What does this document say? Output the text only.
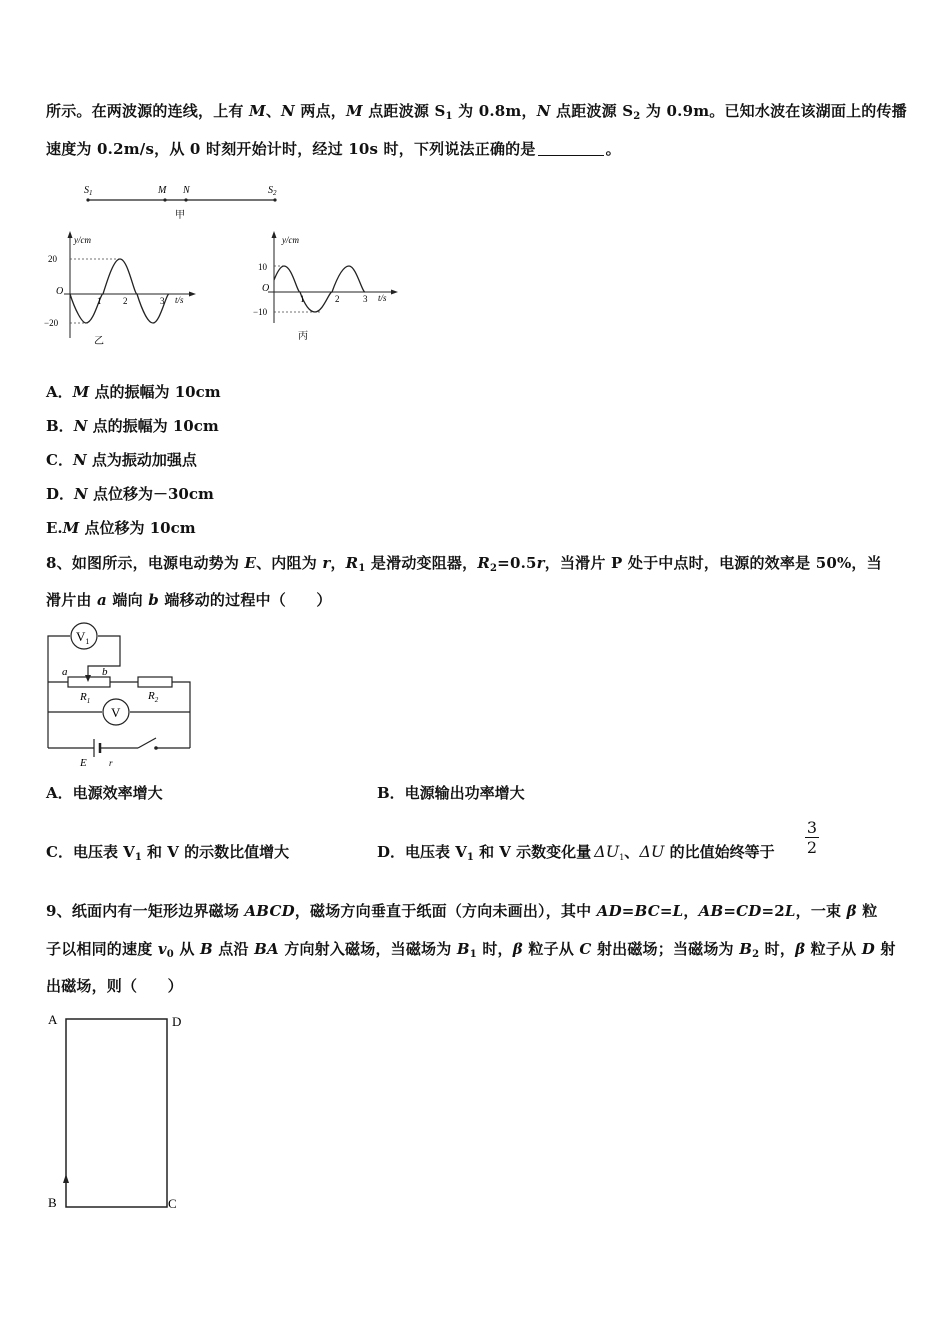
所示。在两波源的连线，上有 M、N 两点，M 点距波源 $S_1$ 为 0.8m，N 点距波源 $S_2$ 为 0.9m。已知水波在该湖面上的传播
速度为 0.2m/s，从 0 时刻开始计时，经过 10s 时，下列说法正确的是	。
$S_1$	M N	$S_2$
甲
y/cm
20
−20
O
1 2	3 t/s
乙
y/cm
10
−10
O
1	2	3 t/s
丙
A．M 点的振幅为 10cm
B．N 点的振幅为 10cm
C．N 点为振动加强点
D．N 点位移为－30cm
E.M 点位移为 10cm
8、如图所示，电源电动势为 E、内阻为 r，$R_1$ 是滑动变阻器，$R_2=0.5r$，当滑片 P 处于中点时，电源的效率是 50%，当
滑片由 a 端向 b 端移动的过程中（　　）
$V_1$
a	b
$R_1$	$R_2$
V
E r
A．电源效率增大	B．电源输出功率增大
C．电压表 $V_1$ 和 V 的示数比值增大	D．电压表 $V_1$ 和 V 示数变化量 $\Delta U_1$、ΔU 的比值始终等于
3
2
9、纸面内有一矩形边界磁场 ABCD，磁场方向垂直于纸面（方向未画出），其中 AD=BC=L，AB=CD=2L，一束 β 粒
子以相同的速度 $v_0$ 从 B 点沿 BA 方向射入磁场，当磁场为 $B_1$ 时，β 粒子从 C 射出磁场；当磁场为 $B_2$ 时，β 粒子从 D 射
出磁场，则（　　）
A	D
B	C
